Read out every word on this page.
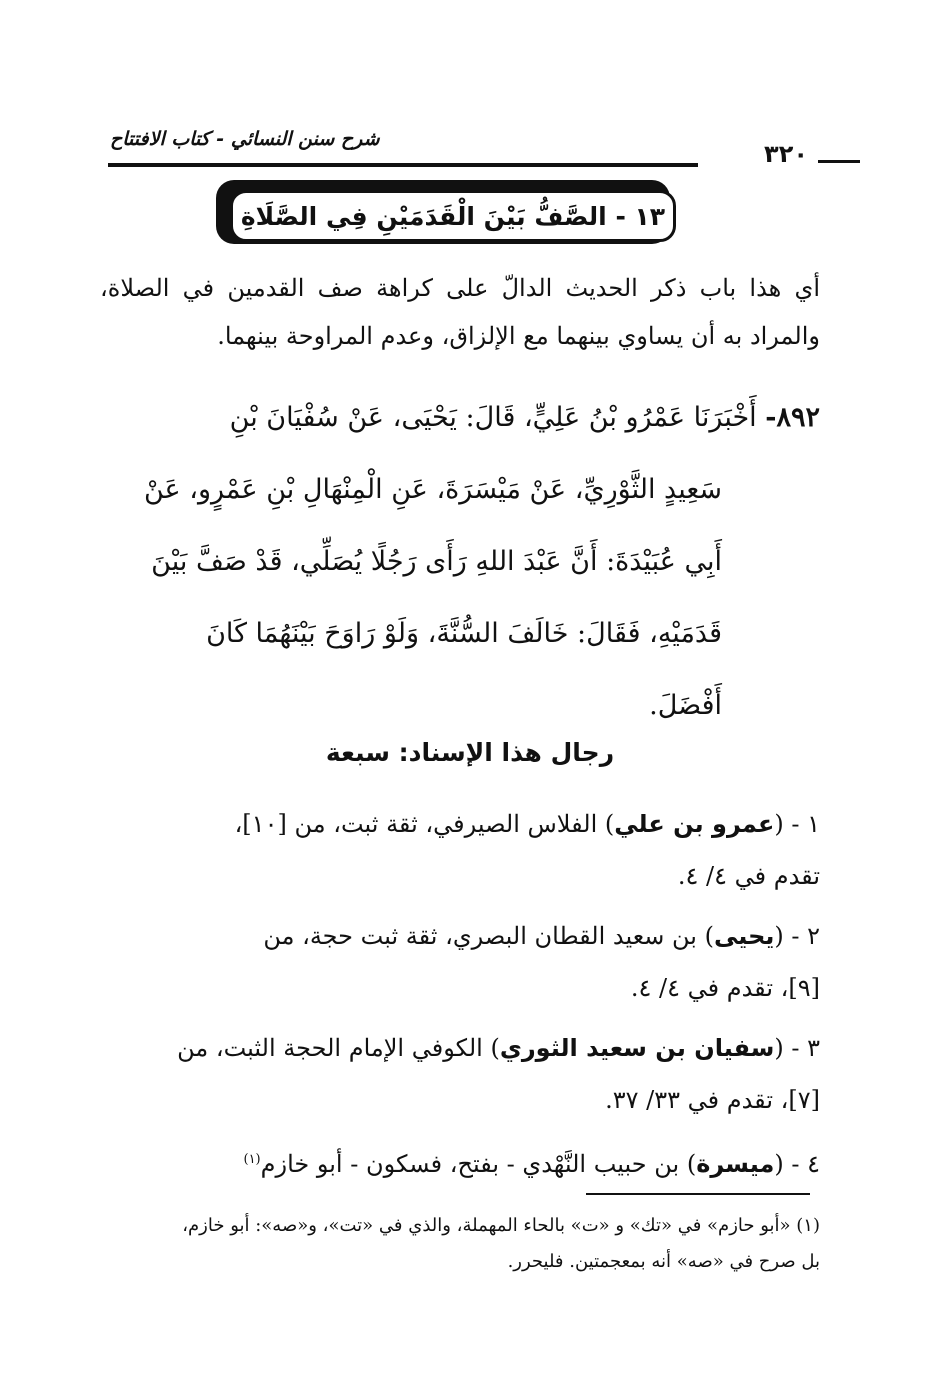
شرح سنن النسائي - كتاب الافتتاح
٣٢٠
١٣ - الصَّفُّ بَيْنَ الْقَدَمَيْنِ فِي الصَّلَاةِ
أي هذا باب ذكر الحديث الدالّ على كراهة صف القدمين في الصلاة، والمراد به أن يساوي بينهما مع الإلزاق، وعدم المراوحة بينهما.
٨٩٢- أَخْبَرَنَا عَمْرُو بْنُ عَلِيٍّ، قَالَ: يَحْيَى، عَنْ سُفْيَانَ بْنِ
سَعِيدٍ الثَّوْرِيِّ، عَنْ مَيْسَرَةَ، عَنِ الْمِنْهَالِ بْنِ عَمْرٍو، عَنْ
أَبِي عُبَيْدَةَ: أَنَّ عَبْدَ اللهِ رَأَى رَجُلًا يُصَلِّي، قَدْ صَفَّ بَيْنَ
قَدَمَيْهِ، فَقَالَ: خَالَفَ السُّنَّةَ، وَلَوْ رَاوَحَ بَيْنَهُمَا كَانَ
أَفْضَلَ.
رجال هذا الإسناد: سبعة
١ - (عمرو بن علي) الفلاس الصيرفي، ثقة ثبت، من [١٠]،
تقدم في ٤/ ٤.
٢ - (يحيى) بن سعيد القطان البصري، ثقة ثبت حجة، من
[٩]، تقدم في ٤/ ٤.
٣ - (سفيان بن سعيد الثوري) الكوفي الإمام الحجة الثبت، من
[٧]، تقدم في ٣٣/ ٣٧.
٤ - (ميسرة) بن حبيب النَّهْدي - بفتح، فسكون - أبو خازم$^{(١)}$
(١) «أبو حازم» في «تك» و «ت» بالحاء المهملة، والذي في «تت»، و«صه»: أبو خازم،
بل صرح في «صه» أنه بمعجمتين. فليحرر.
